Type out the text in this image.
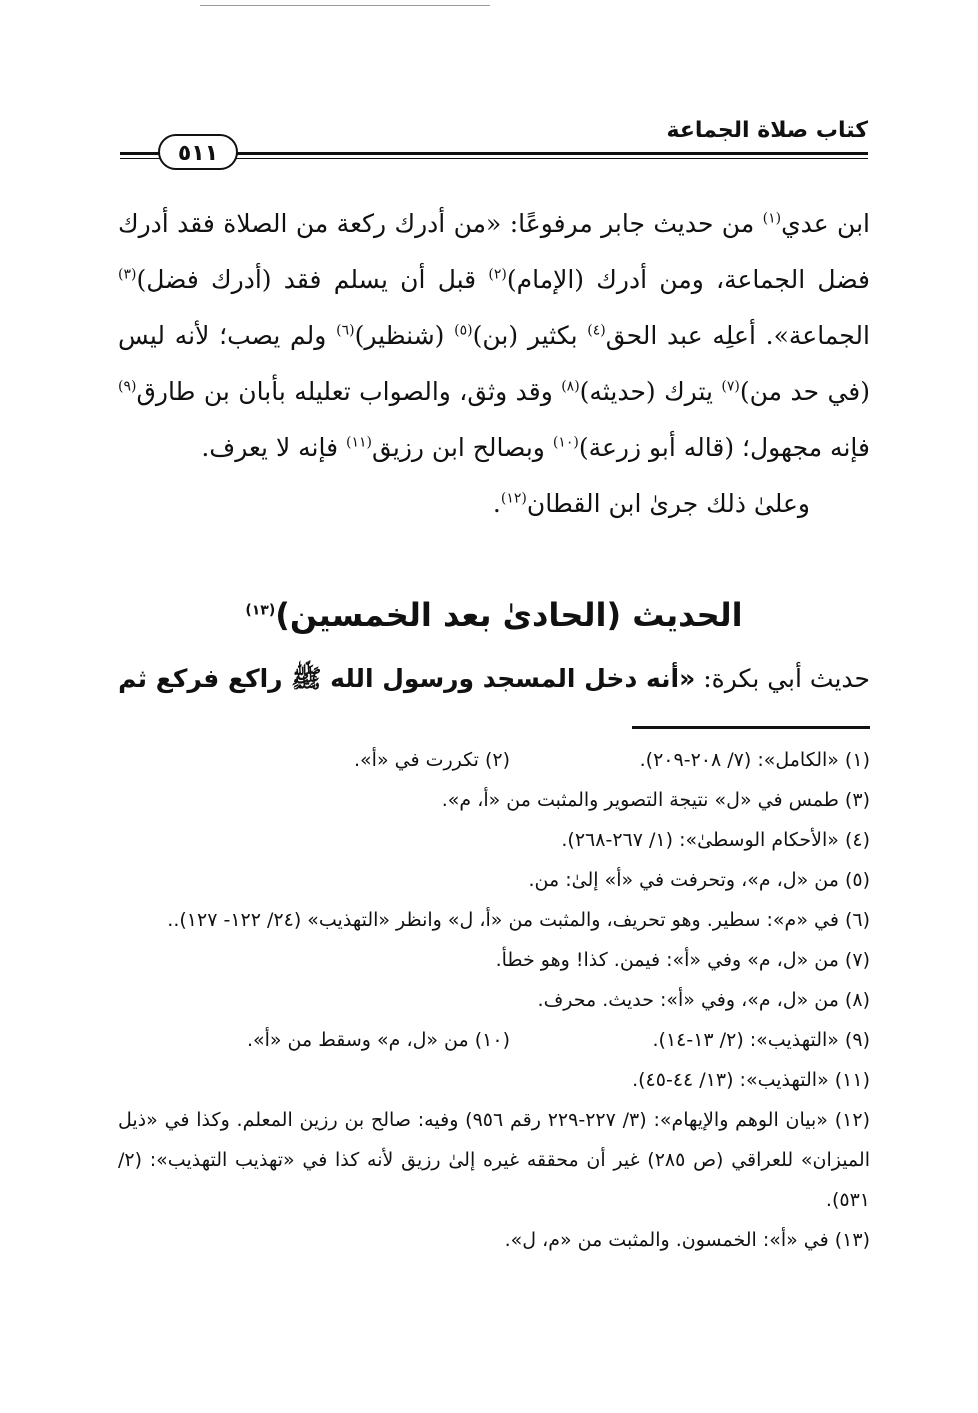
كتاب صلاة الجماعة
٥١١

ابن عدي$^{(١)}$ من حديث جابر مرفوعًا: «من أدرك ركعة من الصلاة فقد أدرك فضل الجماعة، ومن أدرك (الإمام)$^{(٢)}$ قبل أن يسلم فقد (أدرك فضل)$^{(٣)}$ الجماعة». أعلِه عبد الحق$^{(٤)}$ بكثير (بن)$^{(٥)}$ (شنظير)$^{(٦)}$ ولم يصب؛ لأنه ليس (في حد من)$^{(٧)}$ يترك (حديثه)$^{(٨)}$ وقد وثق، والصواب تعليله بأبان بن طارق$^{(٩)}$ فإنه مجهول؛ (قاله أبو زرعة)$^{(١٠)}$ وبصالح ابن رزيق$^{(١١)}$ فإنه لا يعرف.

وعلىٰ ذلك جرىٰ ابن القطان$^{(١٢)}$.

الحديث (الحادىٰ بعد الخمسين)$^{(١٣)}$
حديث أبي بكرة: «أنه دخل المسجد ورسول الله ﷺ راكع فركع ثم
(١) «الكامل»: (٧/ ٢٠٨-٢٠٩).
(٢) تكررت في «أ».

(٣) طمس في «ل» نتيجة التصوير والمثبت من «أ، م».

(٤) «الأحكام الوسطىٰ»: (١/ ٢٦٧-٢٦٨).

(٥) من «ل، م»، وتحرفت في «أ» إلىٰ: من.

(٦) في «م»: سطير. وهو تحريف، والمثبت من «أ، ل» وانظر «التهذيب» (٢٤/ ١٢٢- ١٢٧)..

(٧) من «ل، م» وفي «أ»: فيمن. كذا! وهو خطأ.

(٨) من «ل، م»، وفي «أ»: حديث. محرف.

(٩) «التهذيب»: (٢/ ١٣-١٤).
(١٠) من «ل، م» وسقط من «أ».

(١١) «التهذيب»: (١٣/ ٤٤-٤٥).

(١٢) «بيان الوهم والإيهام»: (٣/ ٢٢٧-٢٢٩ رقم ٩٥٦) وفيه: صالح بن رزين المعلم. وكذا في «ذيل الميزان» للعراقي (ص ٢٨٥) غير أن محققه غيره إلىٰ رزيق لأنه كذا في «تهذيب التهذيب»: (٢/ ٥٣١).

(١٣) في «أ»: الخمسون. والمثبت من «م، ل».
